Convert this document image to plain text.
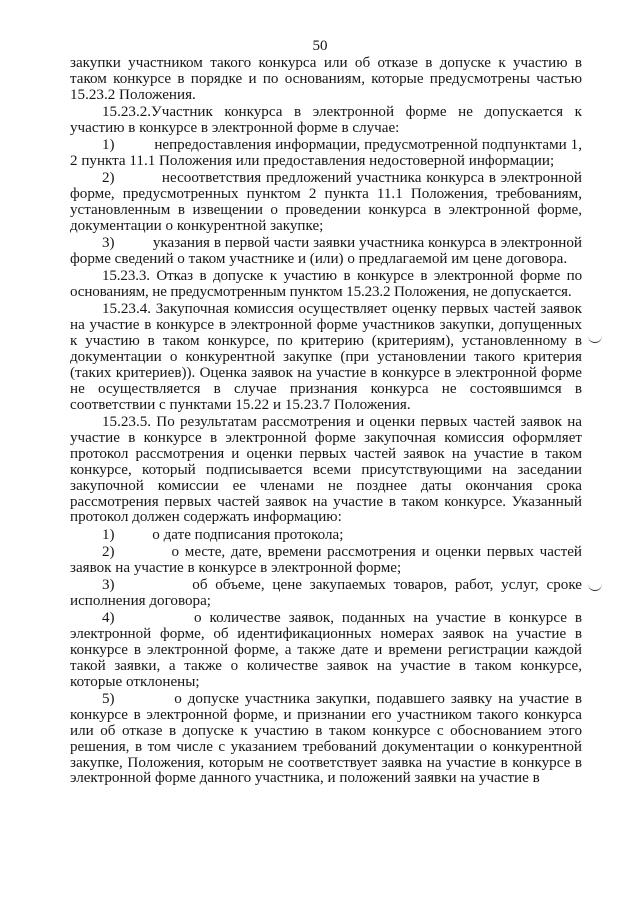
50

закупки участником такого конкурса или об отказе в допуске к участию в таком конкурсе в порядке и по основаниям, которые предусмотрены частью 15.23.2 Положения.

15.23.2.Участник конкурса в электронной форме не допускается к участию в конкурсе в электронной форме в случае:

1)          непредоставления информации, предусмотренной подпунктами 1, 2 пункта 11.1 Положения или предоставления недостоверной информации;

2)          несоответствия предложений участника конкурса в электронной форме, предусмотренных пунктом 2 пункта 11.1 Положения, требованиям, установленным в извещении о проведении конкурса в электронной форме, документации о конкурентной закупке;

3)          указания в первой части заявки участника конкурса в электронной форме сведений о таком участнике и (или) о предлагаемой им цене договора.

15.23.3. Отказ в допуске к участию в конкурсе в электронной форме по основаниям, не предусмотренным пунктом 15.23.2 Положения, не допускается.

15.23.4. Закупочная комиссия осуществляет оценку первых частей заявок на участие в конкурсе в электронной форме участников закупки, допущенных к участию в таком конкурсе, по критерию (критериям), установленному в документации о конкурентной закупке (при установлении такого критерия (таких критериев)). Оценка заявок на участие в конкурсе в электронной форме не осуществляется в случае признания конкурса не состоявшимся в соответствии с пунктами 15.22 и 15.23.7 Положения.

15.23.5. По результатам рассмотрения и оценки первых частей заявок на участие в конкурсе в электронной форме закупочная комиссия оформляет протокол рассмотрения и оценки первых частей заявок на участие в таком конкурсе, который подписывается всеми присутствующими на заседании закупочной комиссии ее членами не позднее даты окончания срока рассмотрения первых частей заявок на участие в таком конкурсе. Указанный протокол должен содержать информацию:

1)          о дате подписания протокола;

2)          о месте, дате, времени рассмотрения и оценки первых частей заявок на участие в конкурсе в электронной форме;

3)          об объеме, цене закупаемых товаров, работ, услуг, сроке исполнения договора;

4)          о количестве заявок, поданных на участие в конкурсе в электронной форме, об идентификационных номерах заявок на участие в конкурсе в электронной форме, а также дате и времени регистрации каждой такой заявки, а также о количестве заявок на участие в таком конкурсе, которые отклонены;

5)          о допуске участника закупки, подавшего заявку на участие в конкурсе в электронной форме, и признании его участником такого конкурса или об отказе в допуске к участию в таком конкурсе с обоснованием этого решения, в том числе с указанием требований документации о конкурентной закупке, Положения, которым не соответствует заявка на участие в конкурсе в электронной форме данного участника, и положений заявки на участие в
